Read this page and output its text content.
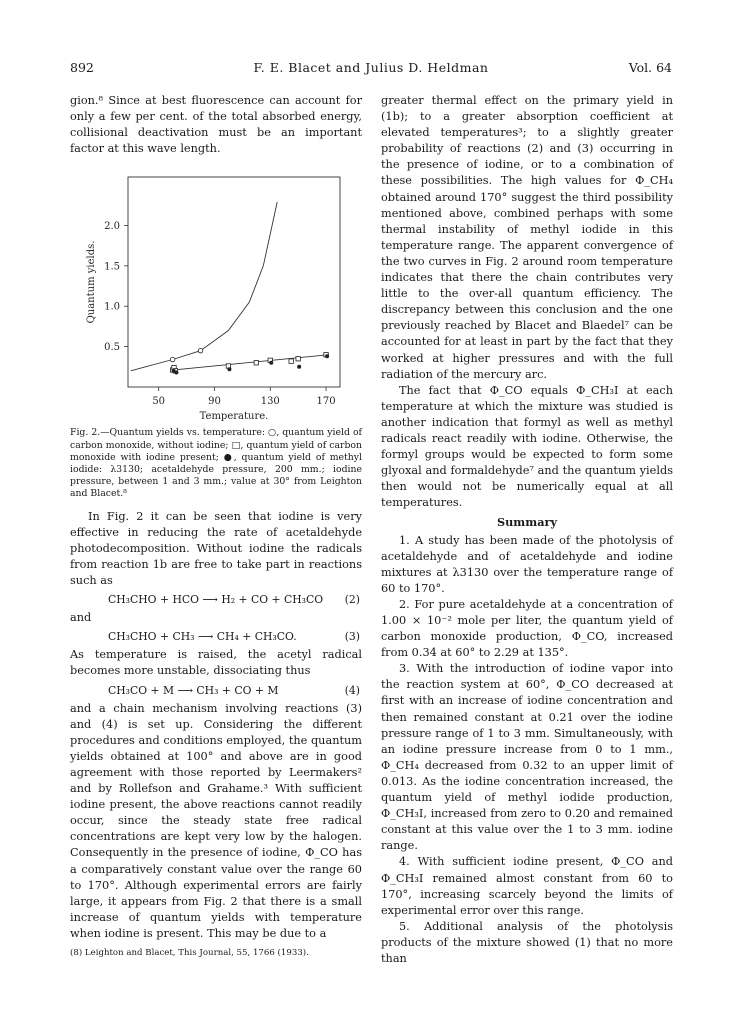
892	F. E. Blacet and Julius D. Heldman	Vol. 64

gion.⁸ Since at best fluorescence can account for only a few per cent. of the total absorbed energy, collisional deactivation must be an important factor at this wave length.

50	90	130	170
0.5
1.0
1.5
2.0
Temperature.
Quantum yields.

Fig. 2.—Quantum yields vs. temperature: ○, quantum yield of carbon monoxide, without iodine; □, quantum yield of carbon monoxide with iodine present; ●, quantum yield of methyl iodide: λ3130; acetaldehyde pressure, 200 mm.; iodine pressure, between 1 and 3 mm.; value at 30° from Leighton and Blacet.⁸

In Fig. 2 it can be seen that iodine is very effective in reducing the rate of acetaldehyde photodecomposition. Without iodine the radicals from reaction 1b are free to take part in reactions such as

CH₃CHO + HCO ⟶ H₂ + CO + CH₃CO (2)

and

CH₃CHO + CH₃ ⟶ CH₄ + CH₃CO.	(3)

As temperature is raised, the acetyl radical becomes more unstable, dissociating thus

CH₃CO + M ⟶ CH₃ + CO + M	(4)

and a chain mechanism involving reactions (3) and (4) is set up. Considering the different procedures and conditions employed, the quantum yields obtained at 100° and above are in good agreement with those reported by Leermakers² and by Rollefson and Grahame.³ With sufficient iodine present, the above reactions cannot readily occur, since the steady state free radical concentrations are kept very low by the halogen. Consequently in the presence of iodine, Φ_CO has a comparatively constant value over the range 60 to 170°. Although experimental errors are fairly large, it appears from Fig. 2 that there is a small increase of quantum yields with temperature when iodine is present. This may be due to a

(8) Leighton and Blacet, This Journal, 55, 1766 (1933).

greater thermal effect on the primary yield in (1b); to a greater absorption coefficient at elevated temperatures³; to a slightly greater probability of reactions (2) and (3) occurring in the presence of iodine, or to a combination of these possibilities. The high values for Φ_CH₄ obtained around 170° suggest the third possibility mentioned above, combined perhaps with some thermal instability of methyl iodide in this temperature range. The apparent convergence of the two curves in Fig. 2 around room temperature indicates that there the chain contributes very little to the over-all quantum efficiency. The discrepancy between this conclusion and the one previously reached by Blacet and Blaedel⁷ can be accounted for at least in part by the fact that they worked at higher pressures and with the full radiation of the mercury arc.

The fact that Φ_CO equals Φ_CH₃I at each temperature at which the mixture was studied is another indication that formyl as well as methyl radicals react readily with iodine. Otherwise, the formyl groups would be expected to form some glyoxal and formaldehyde⁷ and the quantum yields then would not be numerically equal at all temperatures.

Summary

1. A study has been made of the photolysis of acetaldehyde and of acetaldehyde and iodine mixtures at λ3130 over the temperature range of 60 to 170°.

2. For pure acetaldehyde at a concentration of 1.00 × 10⁻² mole per liter, the quantum yield of carbon monoxide production, Φ_CO, increased from 0.34 at 60° to 2.29 at 135°.

3. With the introduction of iodine vapor into the reaction system at 60°, Φ_CO decreased at first with an increase of iodine concentration and then remained constant at 0.21 over the iodine pressure range of 1 to 3 mm. Simultaneously, with an iodine pressure increase from 0 to 1 mm., Φ_CH₄ decreased from 0.32 to an upper limit of 0.013. As the iodine concentration increased, the quantum yield of methyl iodide production, Φ_CH₃I, increased from zero to 0.20 and remained constant at this value over the 1 to 3 mm. iodine range.

4. With sufficient iodine present, Φ_CO and Φ_CH₃I remained almost constant from 60 to 170°, increasing scarcely beyond the limits of experimental error over this range.

5. Additional analysis of the photolysis products of the mixture showed (1) that no more than
